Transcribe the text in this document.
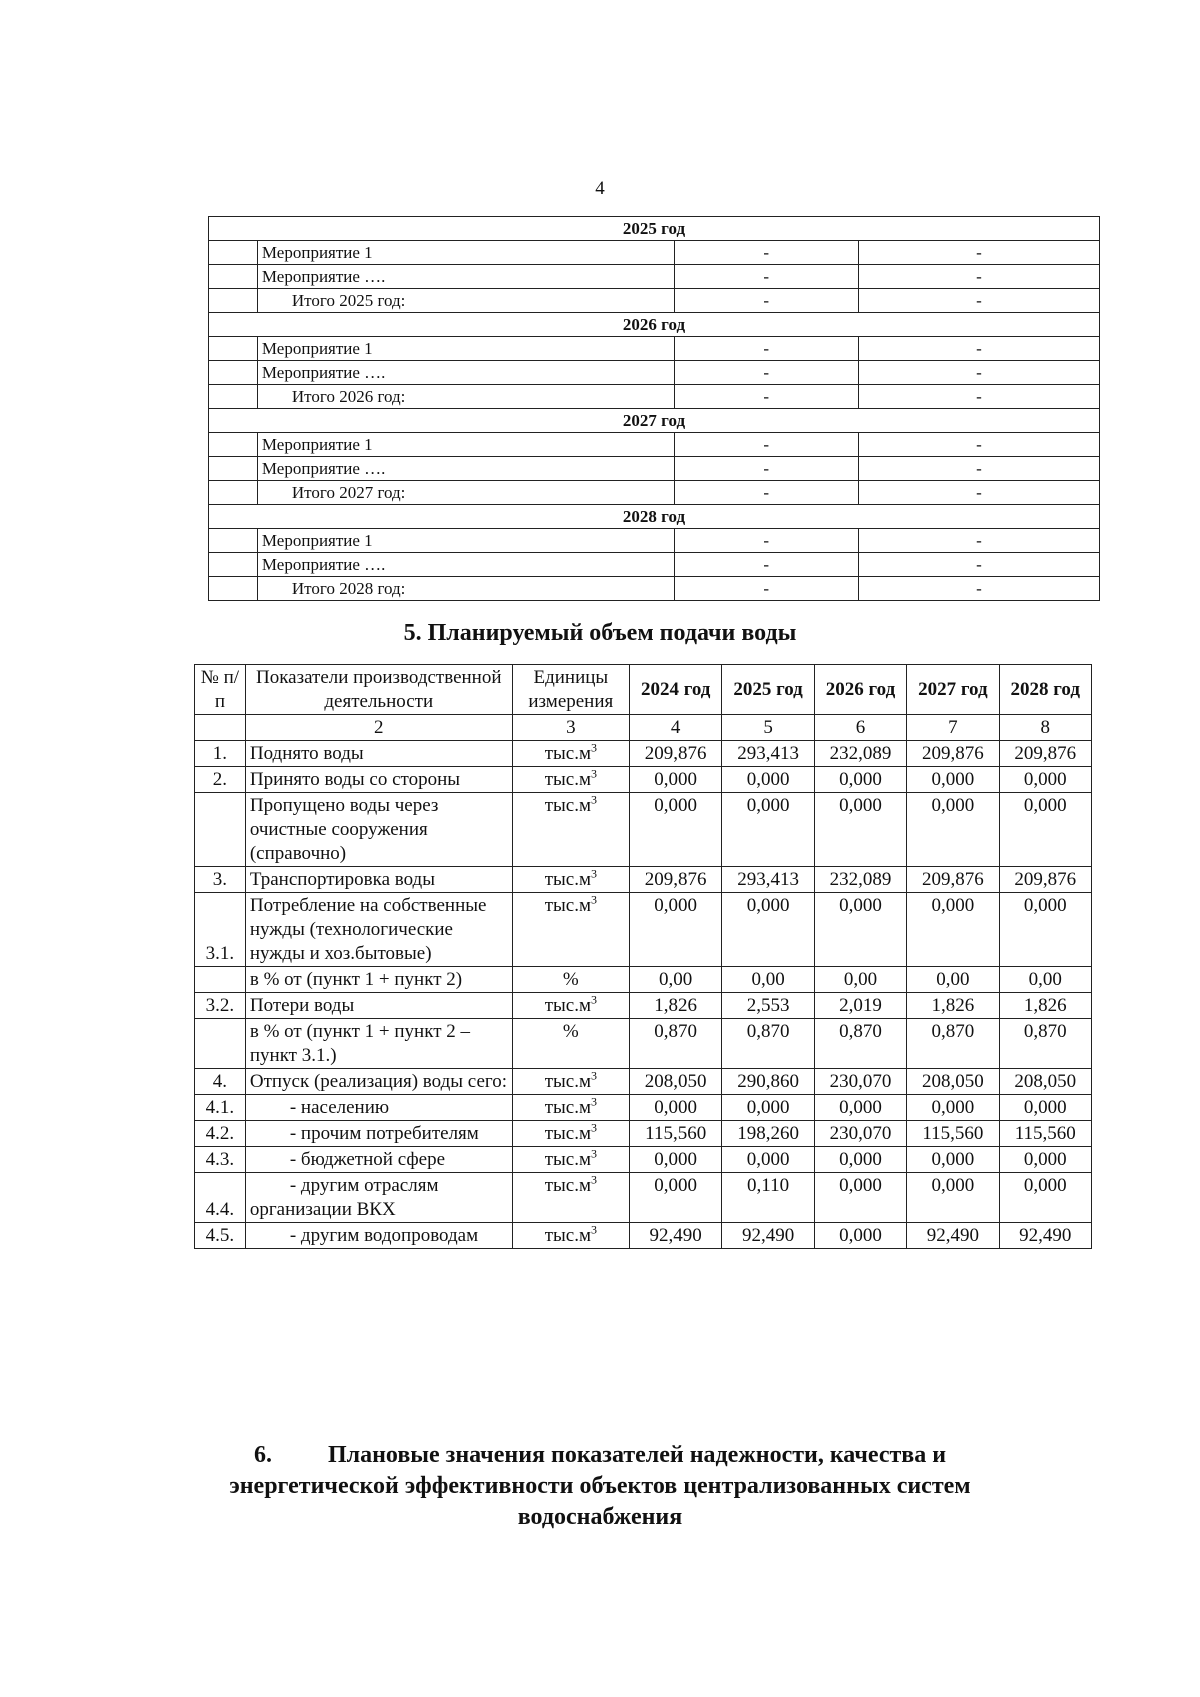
4
2025 год			
	Мероприятие 1	-	-
	Мероприятие ….	-	-
	Итого 2025 год:	-	-
2026 год			
	Мероприятие 1	-	-
	Мероприятие ….	-	-
	Итого 2026 год:	-	-
2027 год			
	Мероприятие 1	-	-
	Мероприятие ….	-	-
	Итого 2027 год:	-	-
2028 год			
	Мероприятие 1	-	-
	Мероприятие ….	-	-
	Итого 2028 год:	-	-
5. Планируемый объем подачи воды
№ п/п	Показатели производственной деятельности	Единицы измерения	2024 год	2025 год	2026 год	2027 год	2028 год
	2	3	4	5	6	7	8
1.	Поднято воды	$тыс.м^3$	209,876	293,413	232,089	209,876	209,876
2.	Принято воды со стороны	$тыс.м^3$	0,000	0,000	0,000	0,000	0,000
	Пропущено воды через очистные сооружения (справочно)	$тыс.м^3$	0,000	0,000	0,000	0,000	0,000
3.	Транспортировка воды	$тыс.м^3$	209,876	293,413	232,089	209,876	209,876
3.1.	Потребление на собственные нужды (технологические нужды и хоз.бытовые)	$тыс.м^3$	0,000	0,000	0,000	0,000	0,000
	в % от (пункт 1 + пункт 2)	%	0,00	0,00	0,00	0,00	0,00
3.2.	Потери воды	$тыс.м^3$	1,826	2,553	2,019	1,826	1,826
	в % от (пункт 1 + пункт 2 – пункт 3.1.)	%	0,870	0,870	0,870	0,870	0,870
4.	Отпуск (реализация) воды сего:	$тыс.м^3$	208,050	290,860	230,070	208,050	208,050
4.1.	- населению	$тыс.м^3$	0,000	0,000	0,000	0,000	0,000
4.2.	- прочим потребителям	$тыс.м^3$	115,560	198,260	230,070	115,560	115,560
4.3.	- бюджетной сфере	$тыс.м^3$	0,000	0,000	0,000	0,000	0,000
4.4.	- другим отраслям организации ВКХ	$тыс.м^3$	0,000	0,110	0,000	0,000	0,000
4.5.	- другим водопроводам	$тыс.м^3$	92,490	92,490	0,000	92,490	92,490
6. Плановые значения показателей надежности, качества и
энергетической эффективности объектов централизованных систем
водоснабжения
